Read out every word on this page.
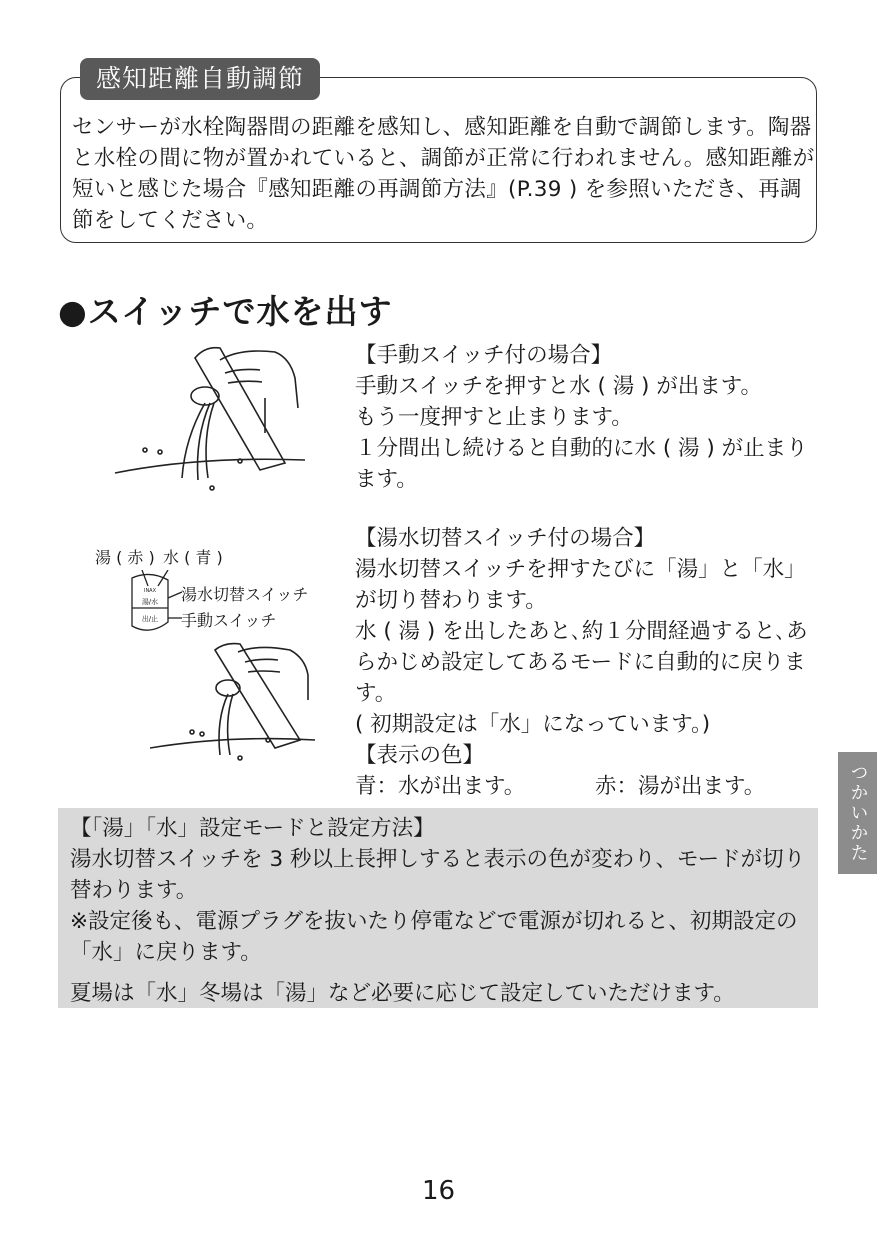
感知距離自動調節
センサーが水栓陶器間の距離を感知し、感知距離を自動で調節します。陶器と水栓の間に物が置かれていると、調節が正常に行われません。感知距離が短いと感じた場合『感知距離の再調節方法』(P.39 ) を参照いただき、再調節をしてください。
●スイッチで水を出す
【手動スイッチ付の場合】
手動スイッチを押すと水 ( 湯 ) が出ます。
もう一度押すと止まります。
１分間出し続けると自動的に水 ( 湯 ) が止まります。
湯 ( 赤 ) 水 ( 青 )
湯水切替スイッチ
手動スイッチ
INAX
湯/水
出/止
【湯水切替スイッチ付の場合】
湯水切替スイッチを押すたびに「湯」と「水」が切り替わります。
水 ( 湯 ) を出したあと､約１分間経過すると､あらかじめ設定してあるモードに自動的に戻ります。
( 初期設定は「水」になっています。)
【表示の色】
青：水が出ます。	赤：湯が出ます。	つかいかた
【「湯」「水」設定モードと設定方法】
湯水切替スイッチを 3 秒以上長押しすると表示の色が変わり、モードが切り替わります。
※設定後も、電源プラグを抜いたり停電などで電源が切れると、初期設定の「水」に戻ります。
夏場は「水」冬場は「湯」など必要に応じて設定していただけます。
16
